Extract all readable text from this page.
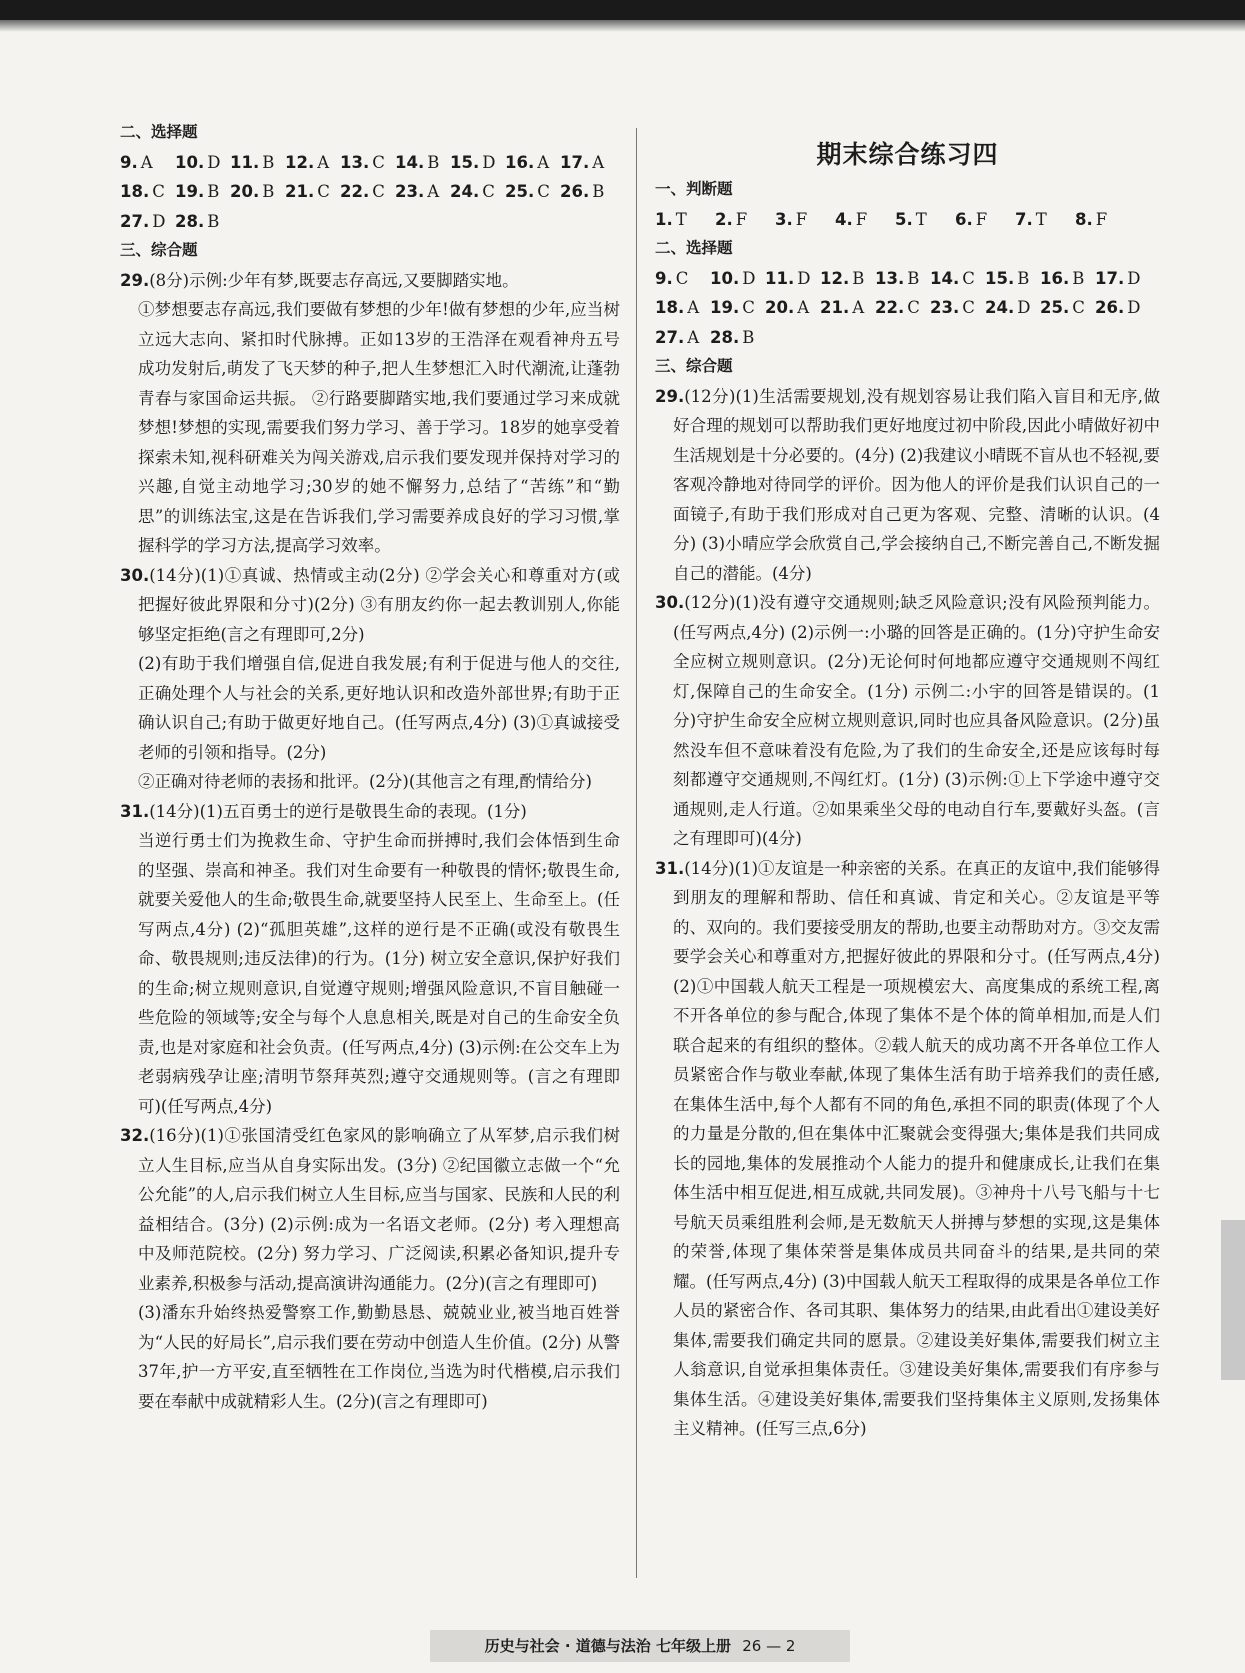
二、选择题
9. A	10. D 11. B 12. A 13. C 14. B 15. D 16. A 17. A
18. C 19. B 20. B 21. C 22. C 23. A 24. C 25. C 26. B
27. D 28. B
三、综合题
29.(8分)示例:少年有梦,既要志存高远,又要脚踏实地。

①梦想要志存高远,我们要做有梦想的少年!做有梦想的少年,应当树立远大志向、紧扣时代脉搏。正如13岁的王浩泽在观看神舟五号成功发射后,萌发了飞天梦的种子,把人生梦想汇入时代潮流,让蓬勃青春与家国命运共振。 ②行路要脚踏实地,我们要通过学习来成就梦想!梦想的实现,需要我们努力学习、善于学习。18岁的她享受着探索未知,视科研难关为闯关游戏,启示我们要发现并保持对学习的兴趣,自觉主动地学习;30岁的她不懈努力,总结了“苦练”和“勤思”的训练法宝,这是在告诉我们,学习需要养成良好的学习习惯,掌握科学的学习方法,提高学习效率。

30.(14分)(1)①真诚、热情或主动(2分) ②学会关心和尊重对方(或把握好彼此界限和分寸)(2分) ③有朋友约你一起去教训别人,你能够坚定拒绝(言之有理即可,2分)

(2)有助于我们增强自信,促进自我发展;有利于促进与他人的交往,正确处理个人与社会的关系,更好地认识和改造外部世界;有助于正确认识自己;有助于做更好地自己。(任写两点,4分) (3)①真诚接受老师的引领和指导。(2分)

②正确对待老师的表扬和批评。(2分)(其他言之有理,酌情给分)

31.(14分)(1)五百勇士的逆行是敬畏生命的表现。(1分)

当逆行勇士们为挽救生命、守护生命而拼搏时,我们会体悟到生命的坚强、崇高和神圣。我们对生命要有一种敬畏的情怀;敬畏生命,就要关爱他人的生命;敬畏生命,就要坚持人民至上、生命至上。(任写两点,4分) (2)“孤胆英雄”,这样的逆行是不正确(或没有敬畏生命、敬畏规则;违反法律)的行为。(1分) 树立安全意识,保护好我们的生命;树立规则意识,自觉遵守规则;增强风险意识,不盲目触碰一些危险的领域等;安全与每个人息息相关,既是对自己的生命安全负责,也是对家庭和社会负责。(任写两点,4分) (3)示例:在公交车上为老弱病残孕让座;清明节祭拜英烈;遵守交通规则等。(言之有理即可)(任写两点,4分)

32.(16分)(1)①张国清受红色家风的影响确立了从军梦,启示我们树立人生目标,应当从自身实际出发。(3分) ②纪国徽立志做一个“允公允能”的人,启示我们树立人生目标,应当与国家、民族和人民的利益相结合。(3分) (2)示例:成为一名语文老师。(2分) 考入理想高中及师范院校。(2分) 努力学习、广泛阅读,积累必备知识,提升专业素养,积极参与活动,提高演讲沟通能力。(2分)(言之有理即可)

(3)潘东升始终热爱警察工作,勤勤恳恳、兢兢业业,被当地百姓誉为“人民的好局长”,启示我们要在劳动中创造人生价值。(2分) 从警37年,护一方平安,直至牺牲在工作岗位,当选为时代楷模,启示我们要在奉献中成就精彩人生。(2分)(言之有理即可)

期末综合练习四
一、判断题
1. T	2. F	3. F	4. F	5. T	6. F	7. T	8. F
二、选择题
9. C	10. D 11. D 12. B 13. B 14. C 15. B 16. B 17. D
18. A 19. C 20. A 21. A 22. C 23. C 24. D 25. C 26. D
27. A 28. B
三、综合题
29.(12分)(1)生活需要规划,没有规划容易让我们陷入盲目和无序,做好合理的规划可以帮助我们更好地度过初中阶段,因此小晴做好初中生活规划是十分必要的。(4分) (2)我建议小晴既不盲从也不轻视,要客观冷静地对待同学的评价。因为他人的评价是我们认识自己的一面镜子,有助于我们形成对自己更为客观、完整、清晰的认识。(4分) (3)小晴应学会欣赏自己,学会接纳自己,不断完善自己,不断发掘自己的潜能。(4分)
30.(12分)(1)没有遵守交通规则;缺乏风险意识;没有风险预判能力。(任写两点,4分) (2)示例一:小璐的回答是正确的。(1分)守护生命安全应树立规则意识。(2分)无论何时何地都应遵守交通规则不闯红灯,保障自己的生命安全。(1分) 示例二:小宇的回答是错误的。(1分)守护生命安全应树立规则意识,同时也应具备风险意识。(2分)虽然没车但不意味着没有危险,为了我们的生命安全,还是应该每时每刻都遵守交通规则,不闯红灯。(1分) (3)示例:①上下学途中遵守交通规则,走人行道。②如果乘坐父母的电动自行车,要戴好头盔。(言之有理即可)(4分)
31.(14分)(1)①友谊是一种亲密的关系。在真正的友谊中,我们能够得到朋友的理解和帮助、信任和真诚、肯定和关心。②友谊是平等的、双向的。我们要接受朋友的帮助,也要主动帮助对方。③交友需要学会关心和尊重对方,把握好彼此的界限和分寸。(任写两点,4分) (2)①中国载人航天工程是一项规模宏大、高度集成的系统工程,离不开各单位的参与配合,体现了集体不是个体的简单相加,而是人们联合起来的有组织的整体。②载人航天的成功离不开各单位工作人员紧密合作与敬业奉献,体现了集体生活有助于培养我们的责任感,在集体生活中,每个人都有不同的角色,承担不同的职责(体现了个人的力量是分散的,但在集体中汇聚就会变得强大;集体是我们共同成长的园地,集体的发展推动个人能力的提升和健康成长,让我们在集体生活中相互促进,相互成就,共同发展)。③神舟十八号飞船与十七号航天员乘组胜利会师,是无数航天人拼搏与梦想的实现,这是集体的荣誉,体现了集体荣誉是集体成员共同奋斗的结果,是共同的荣耀。(任写两点,4分) (3)中国载人航天工程取得的成果是各单位工作人员的紧密合作、各司其职、集体努力的结果,由此看出①建设美好集体,需要我们确定共同的愿景。②建设美好集体,需要我们树立主人翁意识,自觉承担集体责任。③建设美好集体,需要我们有序参与集体生活。④建设美好集体,需要我们坚持集体主义原则,发扬集体主义精神。(任写三点,6分)
历史与社会 · 道德与法治 七年级上册 26 — 2
